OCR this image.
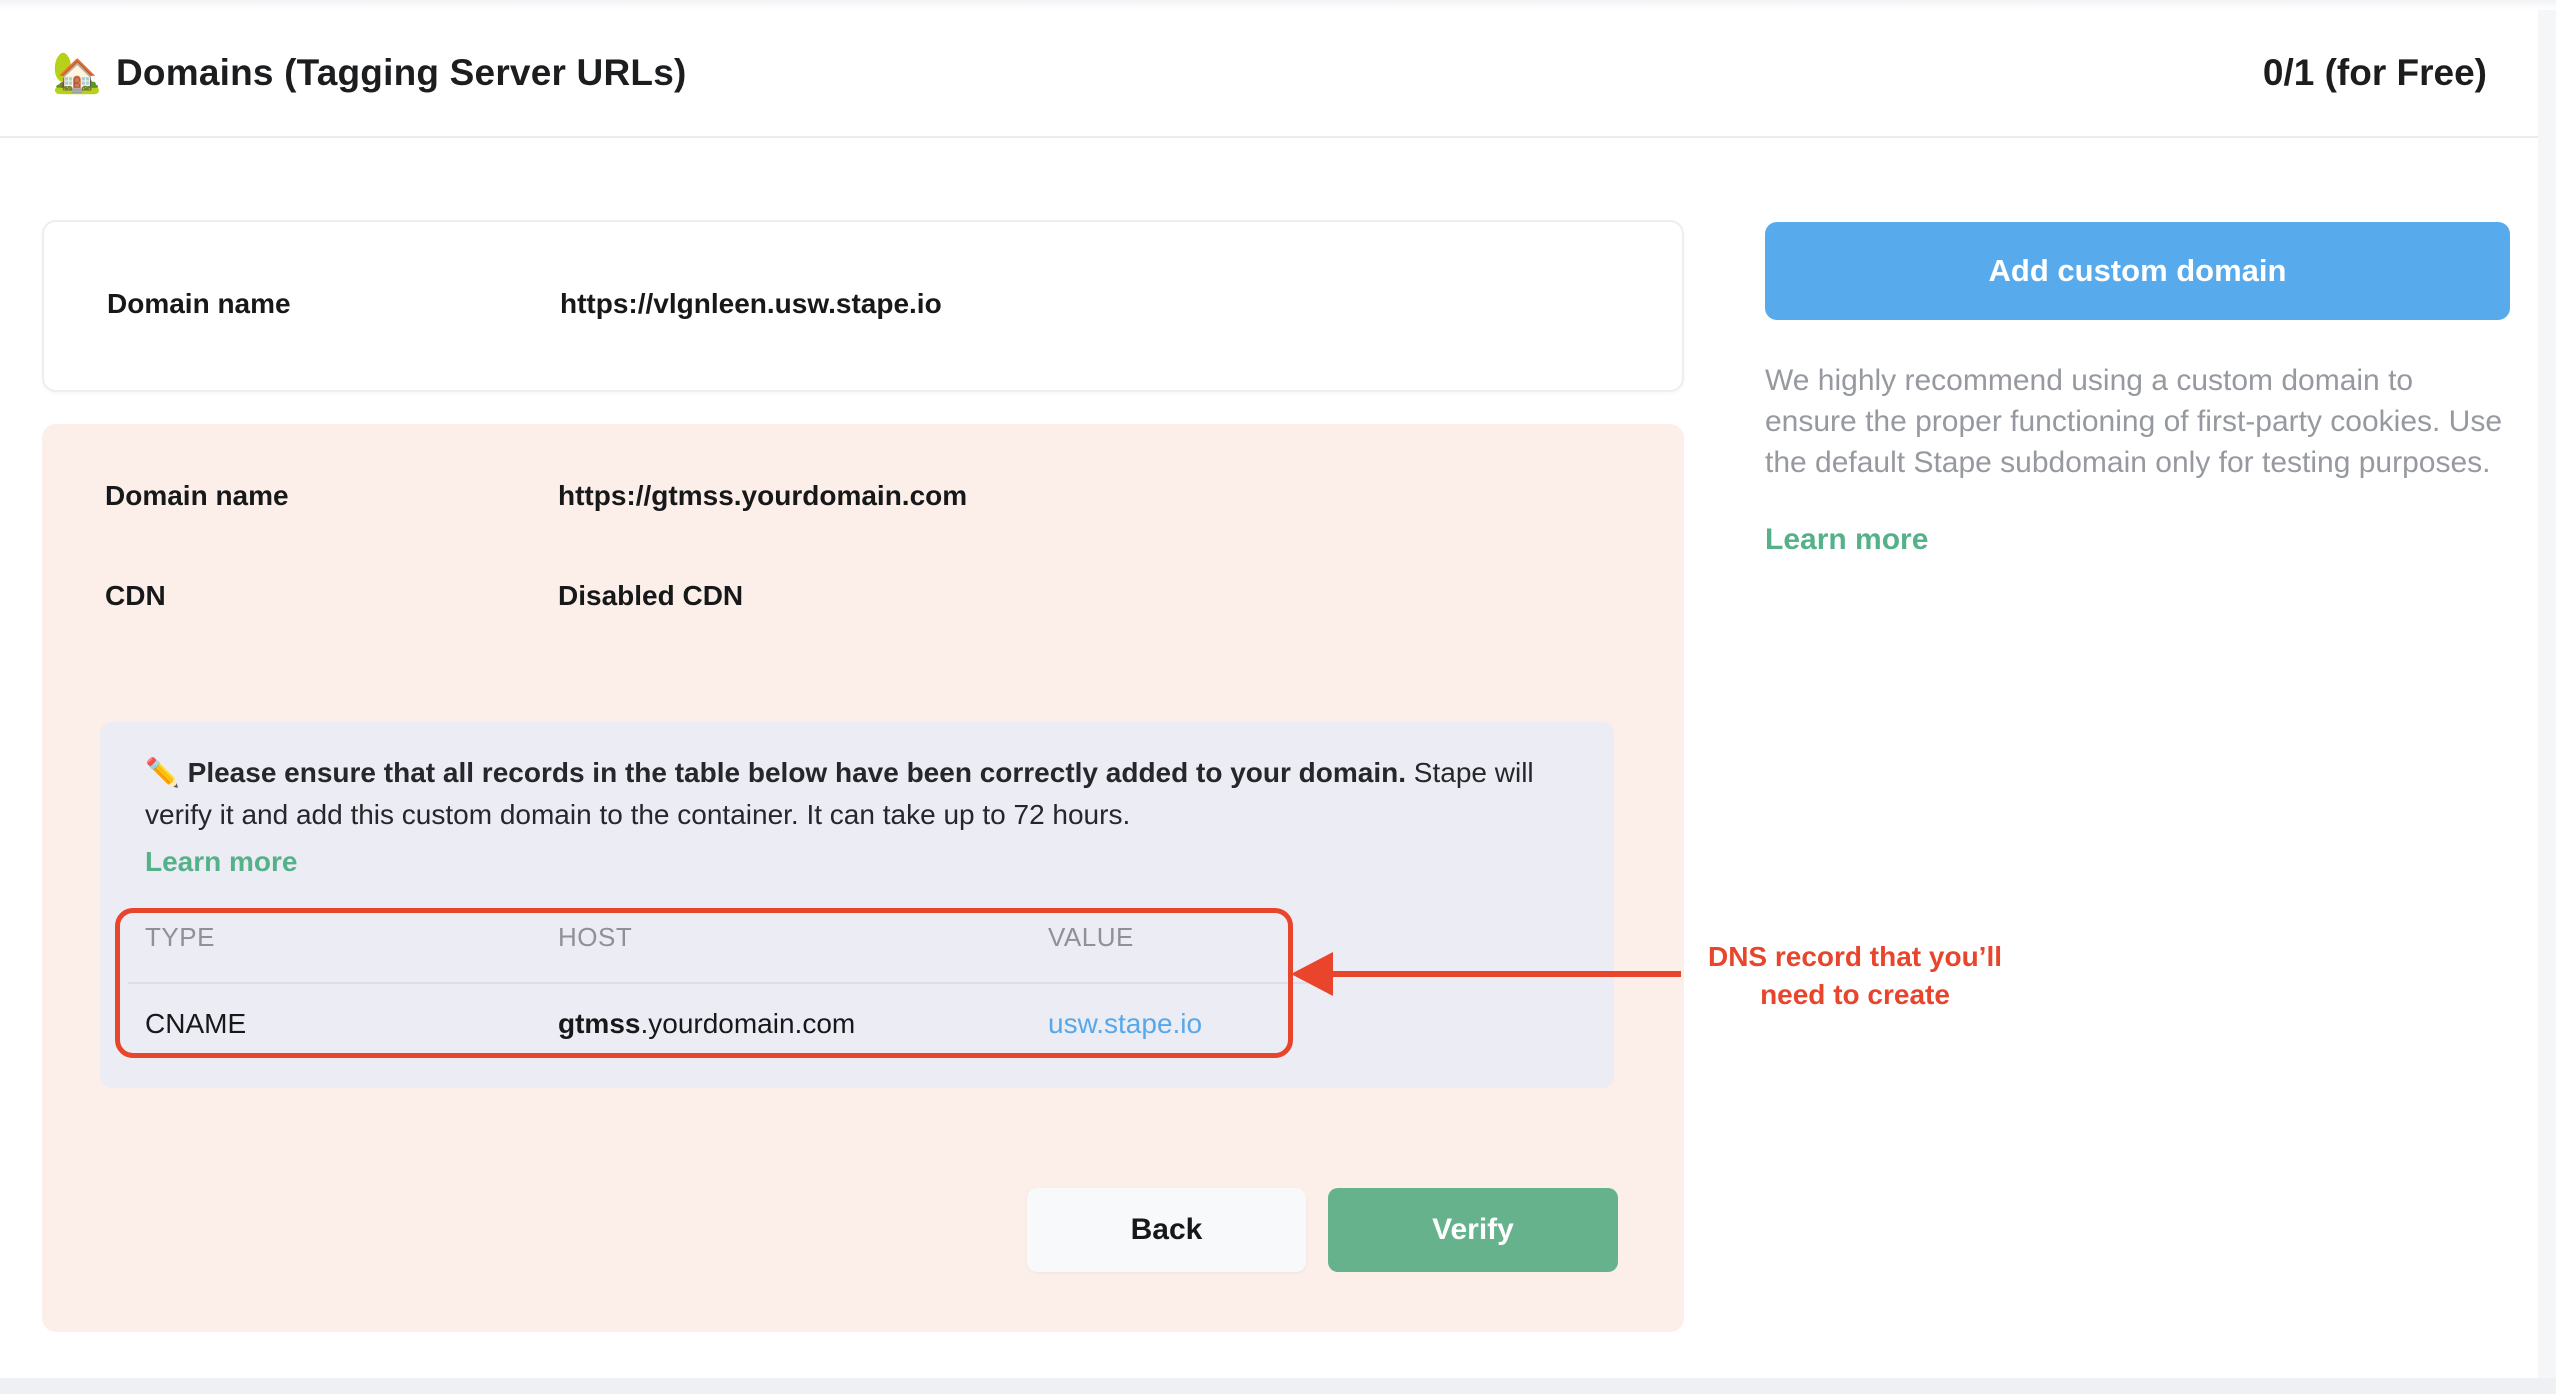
🏡 Domains (Tagging Server URLs)	0/1 (for Free)
Domain name	https://vlgnleen.usw.stape.io
Domain name	https://gtmss.yourdomain.com
CDN	Disabled CDN
✏️ Please ensure that all records in the table below have been correctly added to your domain. Stape will verify it and add this custom domain to the container. It can take up to 72 hours.
Learn more
TYPE	HOST	VALUE
CNAME	gtmss.yourdomain.com	usw.stape.io
Back	Verify
DNS record that you’ll
need to create
Add custom domain
We highly recommend using a custom domain to ensure the proper functioning of first-party cookies. Use the default Stape subdomain only for testing purposes.
Learn more
